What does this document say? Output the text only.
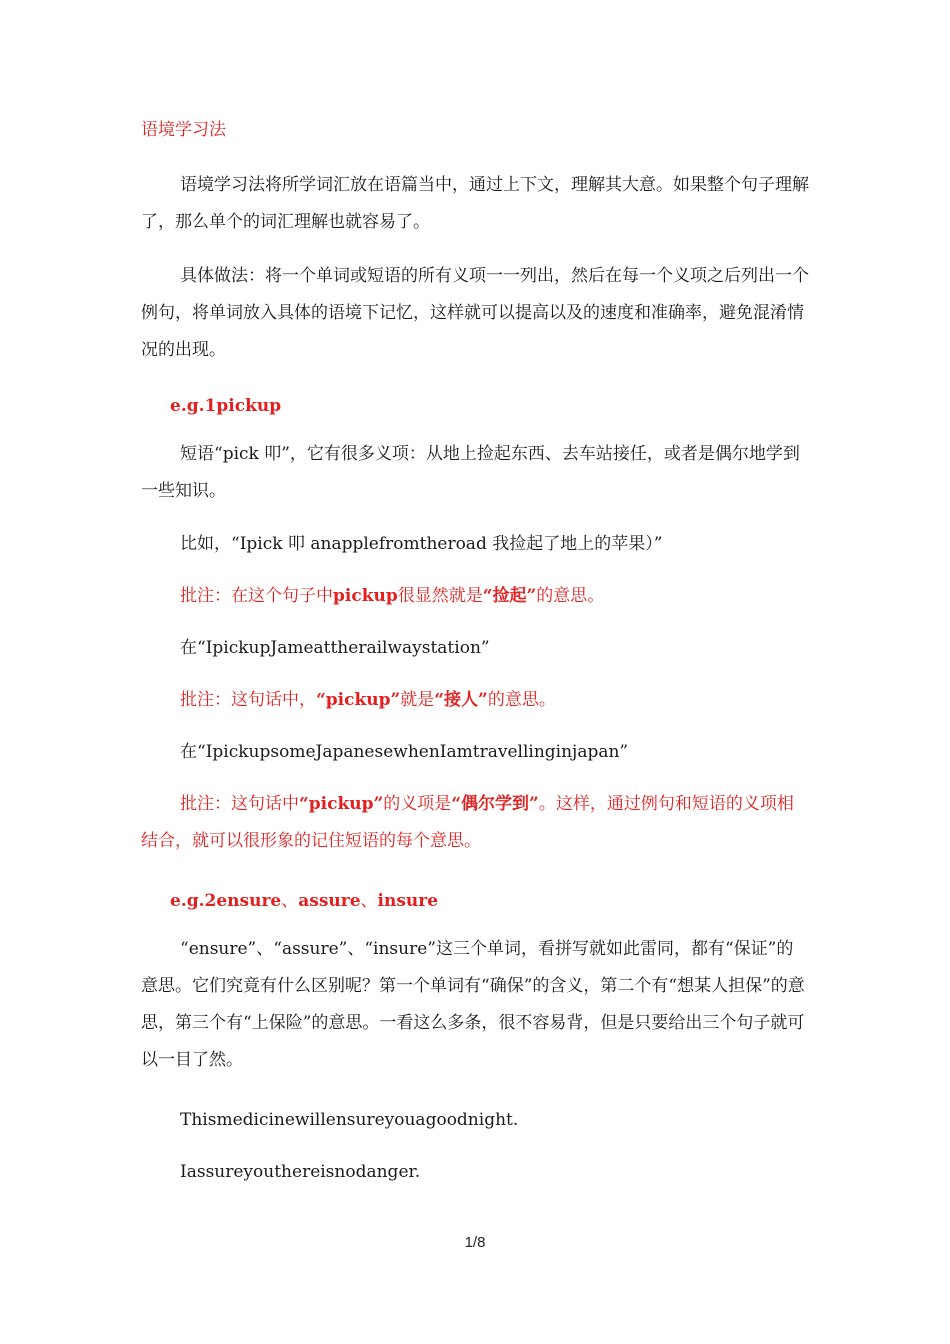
语境学习法

语境学习法将所学词汇放在语篇当中，通过上下文，理解其大意。如果整个句子理解了，那么单个的词汇理解也就容易了。

具体做法：将一个单词或短语的所有义项一一列出，然后在每一个义项之后列出一个例句，将单词放入具体的语境下记忆，这样就可以提高以及的速度和准确率，避免混淆情况的出现。

e.g.1pickup

短语“pick 叩”，它有很多义项：从地上捡起东西、去车站接任，或者是偶尔地学到一些知识。

比如，“Ipick 叩 anapplefromtheroad 我捡起了地上的苹果）”
批注：在这个句子中pickup很显然就是“捡起”的意思。
在“IpickupJameattherailwaystation”
批注：这句话中，“pickup”就是“接人”的意思。
在“IpickupsomeJapanesewhenIamtravellinginjapan”

批注：这句话中“pickup”的义项是“偶尔学到”。这样，通过例句和短语的义项相结合，就可以很形象的记住短语的每个意思。

e.g.2ensure、assure、insure

“ensure”、“assure”、“insure”这三个单词，看拼写就如此雷同，都有“保证”的意思。它们究竟有什么区别呢？第一个单词有“确保”的含义，第二个有“想某人担保”的意思，第三个有“上保险”的意思。一看这么多条，很不容易背，但是只要给出三个句子就可以一目了然。

Thismedicinewillensureyouagoodnight.
Iassureyouthereisnodanger.
1/8
